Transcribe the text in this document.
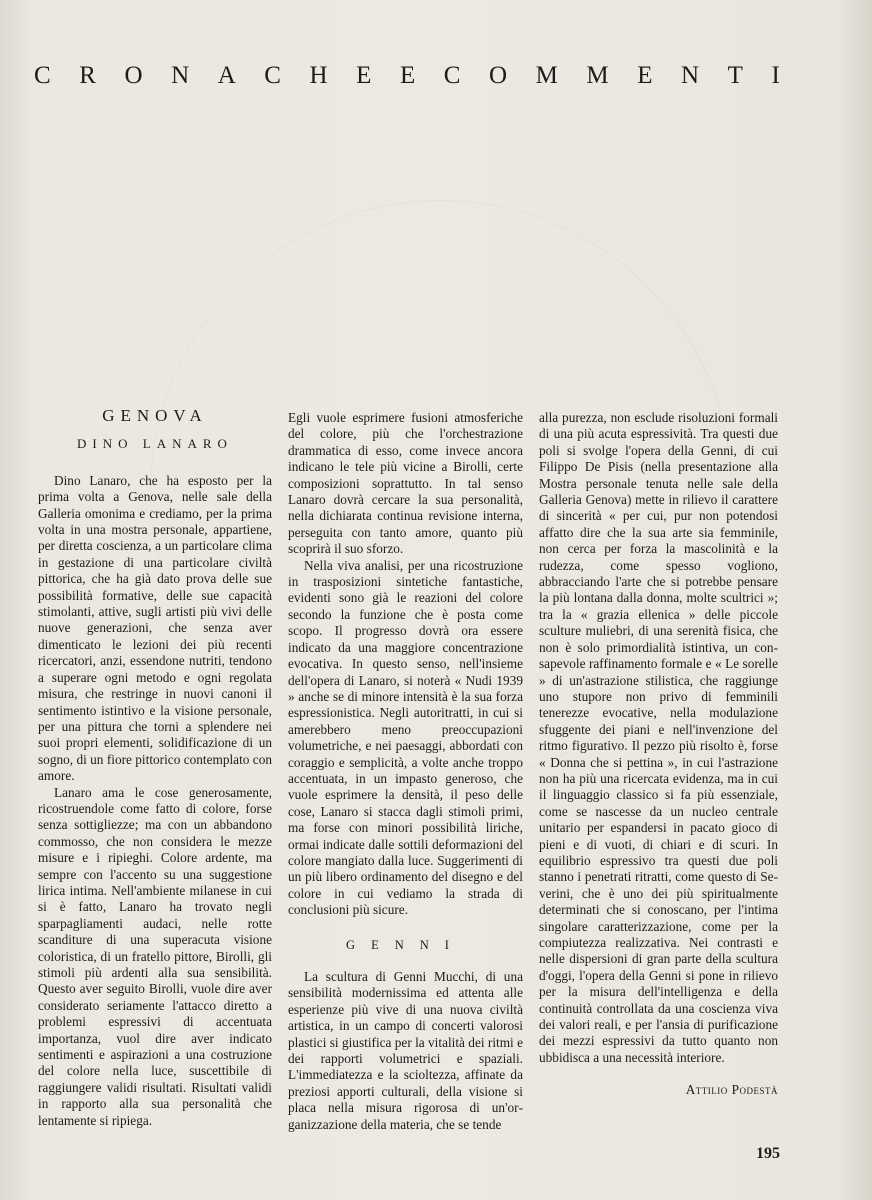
C R O N A C H E E C O M M E N T I
GENOVA
DINO LANARO

Dino Lanaro, che ha esposto per la prima volta a Genova, nelle sale della Galleria omonima e crediamo, per la prima volta in una mostra personale, appartiene, per diretta coscienza, a un particolare clima in gestazione di una particolare civiltà pittorica, che ha già dato prova delle sue possibilità formative, delle sue capacità stimolanti, attive, sugli artisti più vivi delle nuove generazioni, che senza aver dimenticato le lezioni dei più recenti ricercatori, anzi, essendone nutriti, tendono a superare ogni metodo e ogni regolata misura, che restringe in nuovi canoni il sentimento istintivo e la visione personale, per una pittura che torni a splendere nei suoi propri elementi, solidificazione di un sogno, di un fiore pittorico contemplato con amore.

Lanaro ama le cose generosamente, ricostruendole come fatto di colore, forse senza sottigliezze; ma con un abbandono commosso, che non considera le mezze misure e i ripieghi. Colore ardente, ma sempre con l'accento su una suggestione lirica intima. Nell'ambiente milanese in cui si è fatto, Lanaro ha trovato negli sparpagliamenti audaci, nelle rotte scanditure di una superacuta visione coloristica, di un fratello pittore, Birolli, gli stimoli più ardenti alla sua sensibilità. Questo aver seguito Birolli, vuole dire aver considerato seriamente l'attacco diretto a problemi espressivi di accentuata importanza, vuol dire aver indicato sentimenti e aspirazioni a una costruzione del colore nella luce, suscettibile di raggiungere validi risultati. Risultati validi in rapporto alla sua personalità che lentamente si ripiega.

Egli vuole esprimere fusioni atmosferiche del colore, più che l'orchestrazione drammatica di esso, come invece ancora indicano le tele più vicine a Birolli, certe composizioni soprattutto. In tal senso Lanaro dovrà cercare la sua personalità, nella dichiarata continua revisione interna, perseguita con tanto amore, quanto più scoprirà il suo sforzo.

Nella viva analisi, per una ricostruzione in trasposizioni sintetiche fantastiche, evidenti sono già le reazioni del colore secondo la funzione che è posta come scopo. Il progresso dovrà ora essere indicato da una maggiore concentrazione evocativa. In questo senso, nell'insieme dell'opera di Lanaro, si noterà « Nudi 1939 » anche se di minore intensità è la sua forza espressionistica. Negli autoritratti, in cui si amerebbero meno preoccupazioni volumetriche, e nei paesaggi, abbordati con coraggio e semplicità, a volte anche troppo accentuata, in un impasto generoso, che vuole esprimere la densità, il peso delle cose, Lanaro si stacca dagli stimoli primi, ma forse con minori possibilità liriche, ormai indicate dalle sottili deformazioni del colore mangiato dalla luce. Suggerimenti di un più libero ordinamento del disegno e del colore in cui vediamo la strada di conclusioni più sicure.

GENNI

La scultura di Genni Mucchi, di una sensibilità modernissima ed attenta alle esperienze più vive di una nuova civiltà artistica, in un campo di concerti valorosi plastici si giustifica per la vitalità dei ritmi e dei rapporti volumetrici e spaziali. L'immediatezza e la scioltezza, affinate da preziosi apporti culturali, della visione si placa nella misura rigorosa di un'organizzazione della materia, che se tende

alla purezza, non esclude risoluzioni formali di una più acuta espressività. Tra questi due poli si svolge l'opera della Genni, di cui Filippo De Pisis (nella presentazione alla Mostra personale tenuta nelle sale della Galleria Genova) mette in rilievo il carattere di sincerità « per cui, pur non potendosi affatto dire che la sua arte sia femminile, non cerca per forza la mascolinità e la rudezza, come spesso vogliono, abbracciando l'arte che si potrebbe pensare la più lontana dalla donna, molte scultrici »; tra la « grazia ellenica » delle piccole sculture muliebri, di una serenità fisica, che non è solo primordialità istintiva, un consapevole raffinamento formale e « Le sorelle » di un'astrazione stilistica, che raggiunge uno stupore non privo di femminili tenerezze evocative, nella modulazione sfuggente dei piani e nell'invenzione del ritmo figurativo. Il pezzo più risolto è, forse « Donna che si pettina », in cui l'astrazione non ha più una ricercata evidenza, ma in cui il linguaggio classico si fa più essenziale, come se nascesse da un nucleo centrale unitario per espandersi in pacato gioco di pieni e di vuoti, di chiari e di scuri. In equilibrio espressivo tra questi due poli stanno i penetrati ritratti, come questo di Severini, che è uno dei più spiritualmente determinati che si conoscano, per l'intima singolare caratterizzazione, come per la compiutezza realizzativa. Nei contrasti e nelle dispersioni di gran parte della scultura d'oggi, l'opera della Genni si pone in rilievo per la misura dell'intelligenza e della continuità controllata da una coscienza viva dei valori reali, e per l'ansia di purificazione dei mezzi espressivi da tutto quanto non ubbidisca a una necessità interiore.

Attilio Podestà
195
